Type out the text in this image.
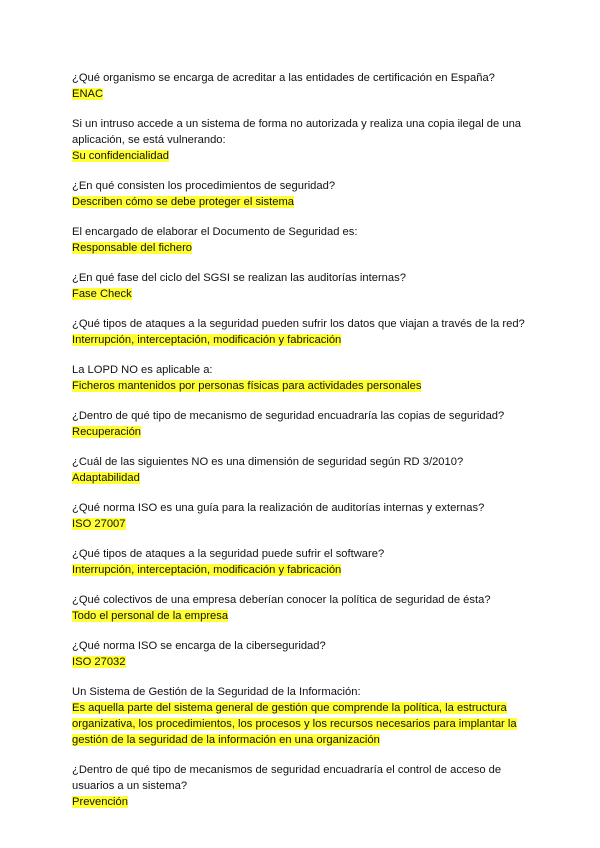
¿Qué organismo se encarga de acreditar a las entidades de certificación en España?

ENAC

Si un intruso accede a un sistema de forma no autorizada y realiza una copia ilegal de una aplicación, se está vulnerando:

Su confidencialidad

¿En qué consisten los procedimientos de seguridad?

Describen cómo se debe proteger el sistema

El encargado de elaborar el Documento de Seguridad es:

Responsable del fichero

¿En qué fase del ciclo del SGSI se realizan las auditorías internas?

Fase Check

¿Qué tipos de ataques a la seguridad pueden sufrir los datos que viajan a través de la red?

Interrupción, interceptación, modificación y fabricación

La LOPD NO es aplicable a:

Ficheros mantenidos por personas físicas para actividades personales

¿Dentro de qué tipo de mecanismo de seguridad encuadraría las copias de seguridad?

Recuperación

¿Cuál de las siguientes NO es una dimensión de seguridad según RD 3/2010?

Adaptabilidad

¿Qué norma ISO es una guía para la realización de auditorías internas y externas?

ISO 27007

¿Qué tipos de ataques a la seguridad puede sufrir el software?

Interrupción, interceptación, modificación y fabricación

¿Qué colectivos de una empresa deberían conocer la política de seguridad de ésta?

Todo el personal de la empresa

¿Qué norma ISO se encarga de la ciberseguridad?

ISO 27032

Un Sistema de Gestión de la Seguridad de la Información:

Es aquella parte del sistema general de gestión que comprende la política, la estructura organizativa, los procedimientos, los procesos y los recursos necesarios para implantar la gestión de la seguridad de la información en una organización

¿Dentro de qué tipo de mecanismos de seguridad encuadraría el control de acceso de usuarios a un sistema?

Prevención
